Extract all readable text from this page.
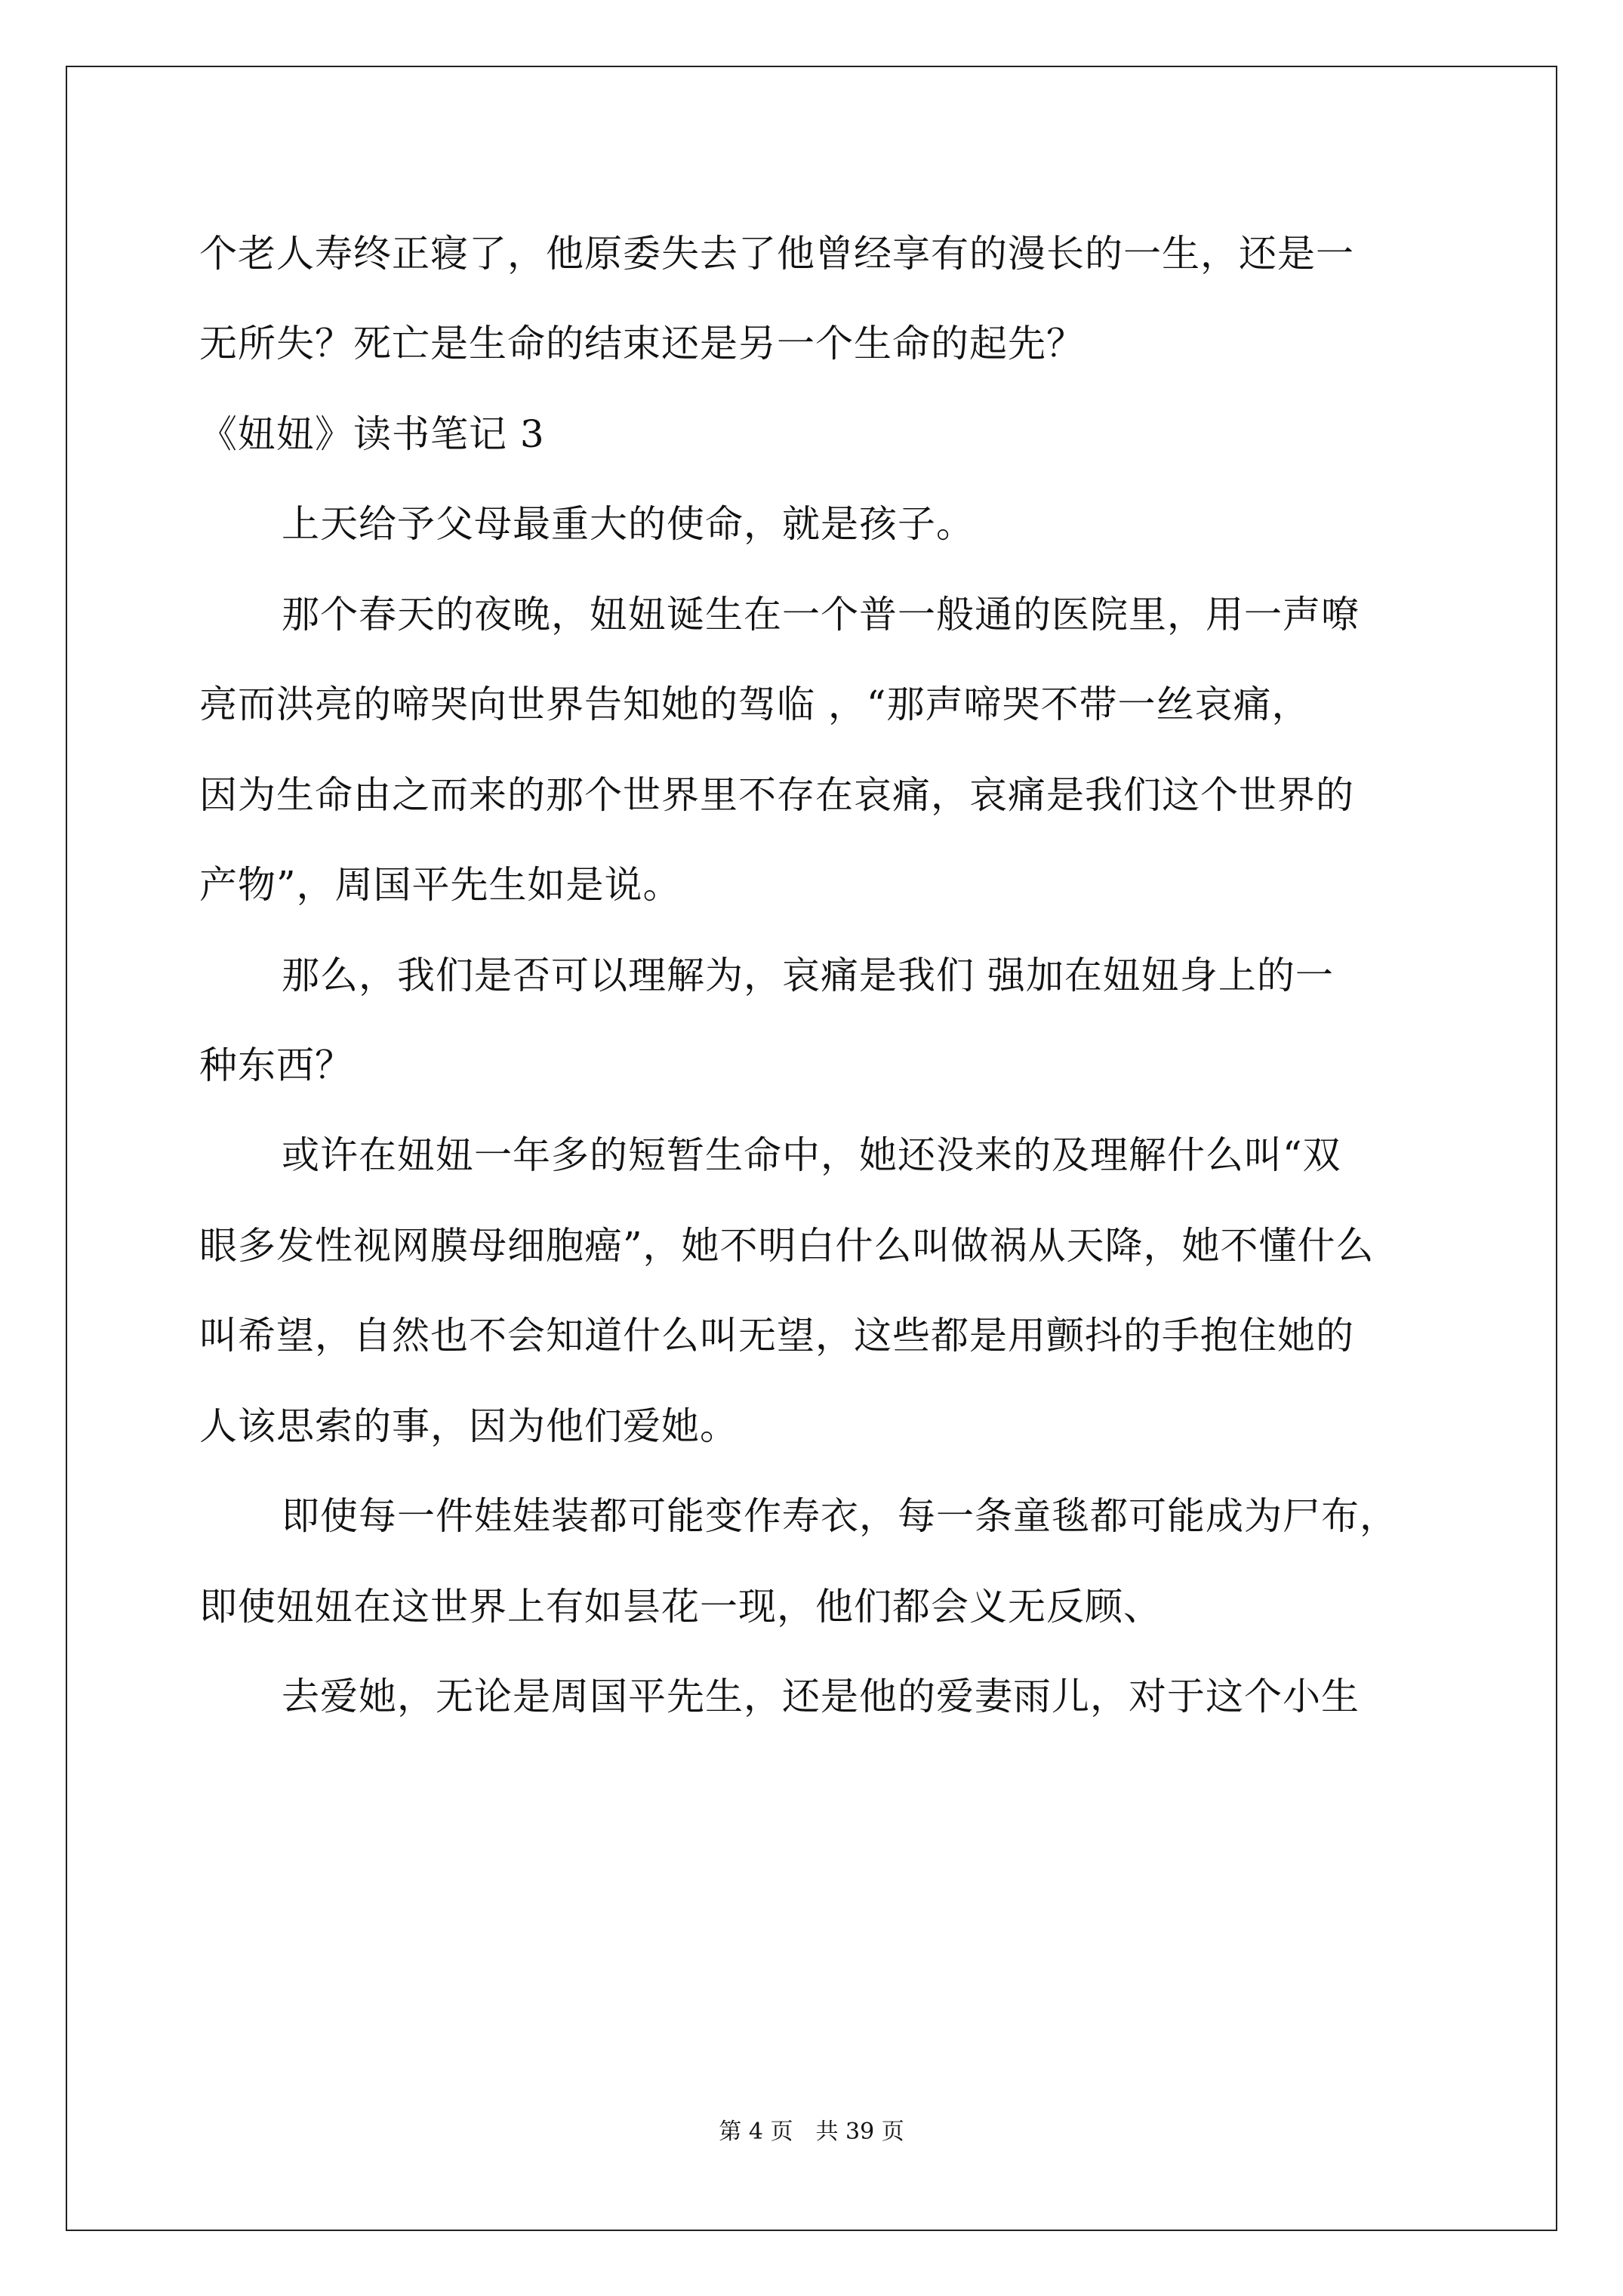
个老人寿终正寝了，他原委失去了他曾经享有的漫长的一生，还是一
无所失？死亡是生命的结束还是另一个生命的起先？
《妞妞》读书笔记 3
上天给予父母最重大的使命，就是孩子。
那个春天的夜晚，妞妞诞生在一个普一般通的医院里，用一声嘹
亮而洪亮的啼哭向世界告知她的驾临 ，“那声啼哭不带一丝哀痛，
因为生命由之而来的那个世界里不存在哀痛，哀痛是我们这个世界的
产物”，周国平先生如是说。
那么，我们是否可以理解为，哀痛是我们 强加在妞妞身上的一
种东西？
或许在妞妞一年多的短暂生命中，她还没来的及理解什么叫“双
眼多发性视网膜母细胞癌”，她不明白什么叫做祸从天降，她不懂什么
叫希望，自然也不会知道什么叫无望，这些都是用颤抖的手抱住她的
人该思索的事，因为他们爱她。
即使每一件娃娃装都可能变作寿衣，每一条童毯都可能成为尸布，
即使妞妞在这世界上有如昙花一现，他们都会义无反顾、
去爱她，无论是周国平先生，还是他的爱妻雨儿，对于这个小生
第 4 页　共 39 页
